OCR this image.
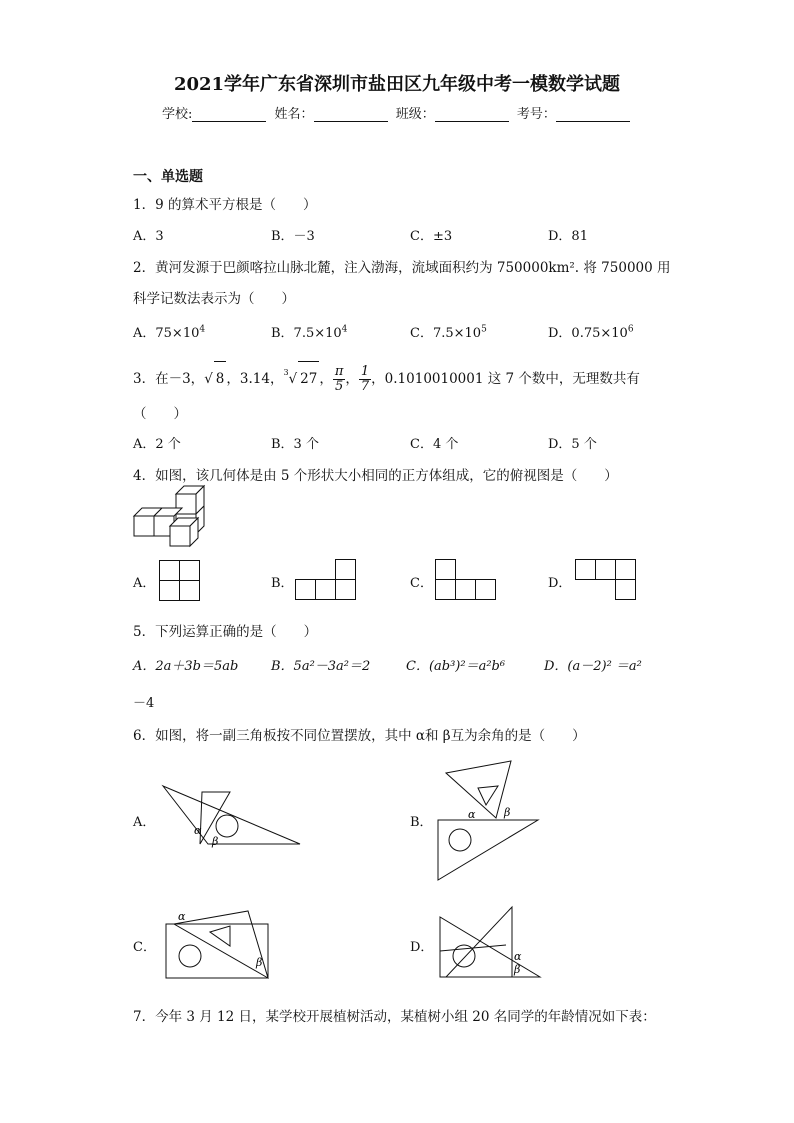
2021学年广东省深圳市盐田区九年级中考一模数学试题
学校:	姓名：	班级：	考号：
一、单选题
1．9 的算术平方根是（　　）
A．3	B．－3	C．±3	D．81
2．黄河发源于巴颜喀拉山脉北麓，注入渤海，流域面积约为 750000km². 将 750000 用
科学记数法表示为（　　）
A．$75\times 10^4$	B．$7.5\times 10^4$	C．$7.5\times 10^5$	D．$0.75\times 10^6$
3．在－3，√ 8 ，3.14，$^3$√ 27 ， $\frac{\pi}{5}$ ， $\frac{1}{7}$ ，0.1010010001 这 7 个数中，无理数共有
（　　）
A．2 个	B．3 个	C．4 个	D．5 个
4．如图，该几何体是由 5 个形状大小相同的正方体组成，它的俯视图是（　　）
A．	B．	C．	D．
5．下列运算正确的是（　　）
A．2a＋3b＝5ab	B．5a²－3a²＝2	C．(ab³)²＝a²b⁶	D．(a－2)² ＝a²
－4
6．如图，将一副三角板按不同位置摆放，其中 α和 β互为余角的是（　　）
A．
α
β
B．
α	β
C．
α
β
D．
α
β
7．今年 3 月 12 日，某学校开展植树活动，某植树小组 20 名同学的年龄情况如下表：
